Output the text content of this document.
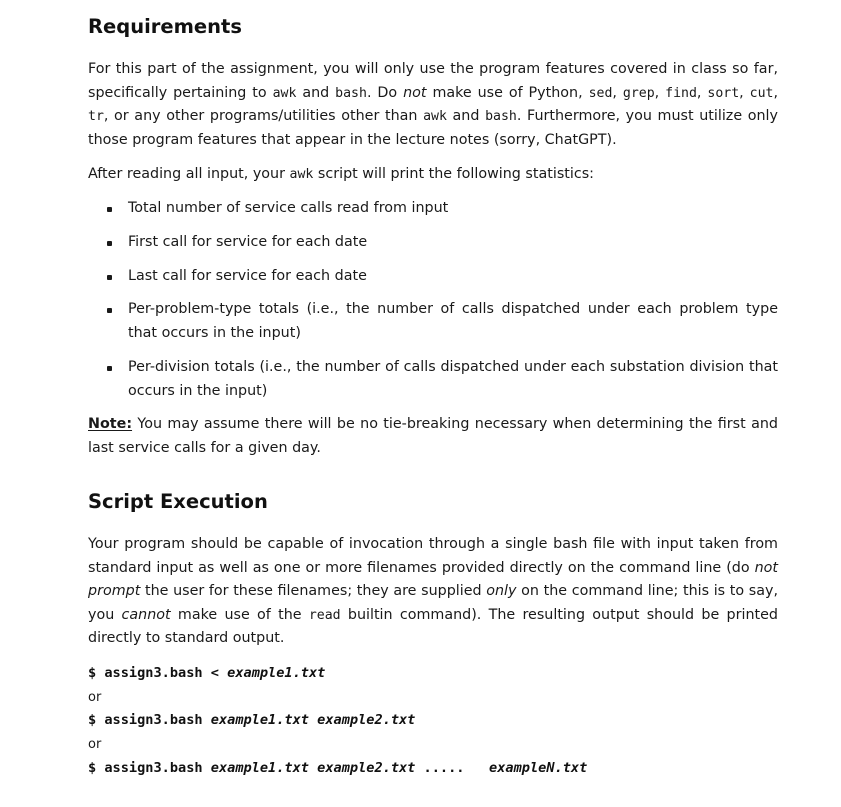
Requirements
For this part of the assignment, you will only use the program features covered in class so far, specifically pertaining to awk and bash. Do not make use of Python, sed, grep, find, sort, cut, tr, or any other programs/utilities other than awk and bash. Furthermore, you must utilize only those program features that appear in the lecture notes (sorry, ChatGPT).
After reading all input, your awk script will print the following statistics:
Total number of service calls read from input
First call for service for each date
Last call for service for each date
Per-problem-type totals (i.e., the number of calls dispatched under each problem type that occurs in the input)
Per-division totals (i.e., the number of calls dispatched under each substation division that occurs in the input)
Note: You may assume there will be no tie-breaking necessary when determining the first and last service calls for a given day.
Script Execution
Your program should be capable of invocation through a single bash file with input taken from standard input as well as one or more filenames provided directly on the command line (do not prompt the user for these filenames; they are supplied only on the command line; this is to say, you cannot make use of the read builtin command). The resulting output should be printed directly to standard output.
$ assign3.bash < example1.txt
or
$ assign3.bash example1.txt example2.txt
or
$ assign3.bash example1.txt example2.txt .....   exampleN.txt
